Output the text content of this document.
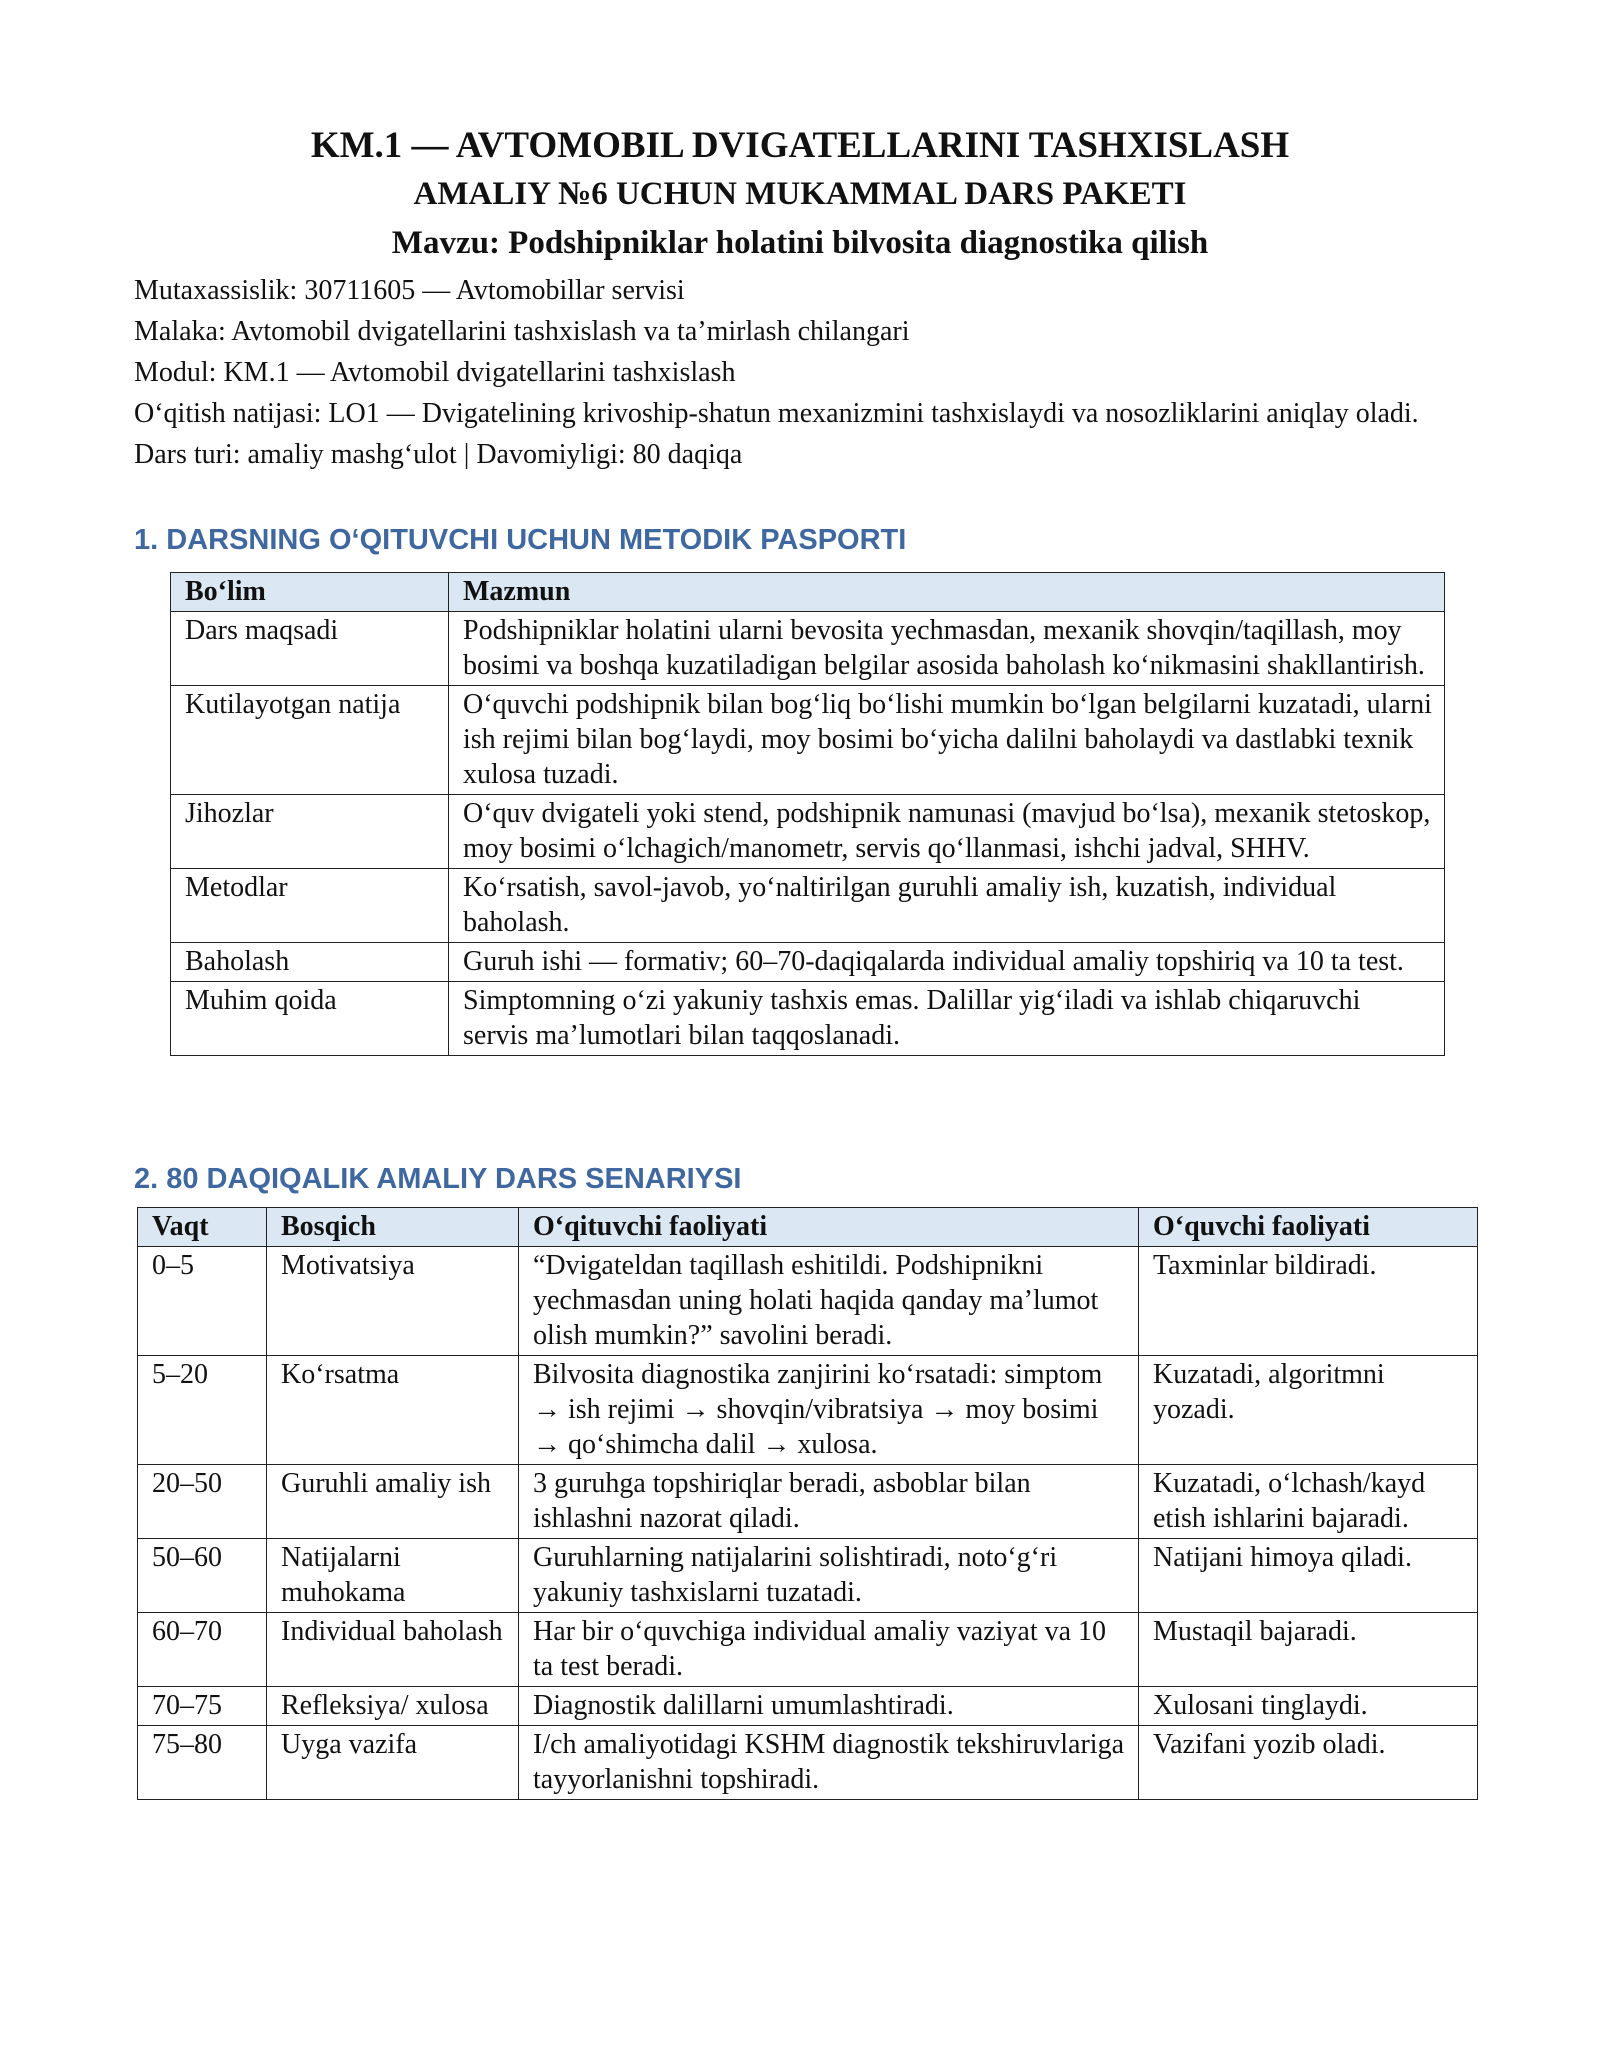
KM.1 — AVTOMOBIL DVIGATELLARINI TASHXISLASH
AMALIY №6 UCHUN MUKAMMAL DARS PAKETI
Mavzu: Podshipniklar holatini bilvosita diagnostika qilish
Mutaxassislik: 30711605 — Avtomobillar servisi
Malaka: Avtomobil dvigatellarini tashxislash va ta’mirlash chilangari
Modul: KM.1 — Avtomobil dvigatellarini tashxislash
O‘qitish natijasi: LO1 — Dvigatelining krivoship-shatun mexanizmini tashxislaydi va nosozliklarini aniqlay oladi.
Dars turi: amaliy mashg‘ulot | Davomiyligi: 80 daqiqa
1. DARSNING O‘QITUVCHI UCHUN METODIK PASPORTI
Bo‘lim	Mazmun
Dars maqsadi	Podshipniklar holatini ularni bevosita yechmasdan, mexanik shovqin/taqillash, moy bosimi va boshqa kuzatiladigan belgilar asosida baholash ko‘nikmasini shakllantirish.
Kutilayotgan natija	O‘quvchi podshipnik bilan bog‘liq bo‘lishi mumkin bo‘lgan belgilarni kuzatadi, ularni ish rejimi bilan bog‘laydi, moy bosimi bo‘yicha dalilni baholaydi va dastlabki texnik xulosa tuzadi.
Jihozlar	O‘quv dvigateli yoki stend, podshipnik namunasi (mavjud bo‘lsa), mexanik stetoskop, moy bosimi o‘lchagich/manometr, servis qo‘llanmasi, ishchi jadval, SHHV.
Metodlar	Ko‘rsatish, savol-javob, yo‘naltirilgan guruhli amaliy ish, kuzatish, individual baholash.
Baholash	Guruh ishi — formativ; 60–70-daqiqalarda individual amaliy topshiriq va 10 ta test.
Muhim qoida	Simptomning o‘zi yakuniy tashxis emas. Dalillar yig‘iladi va ishlab chiqaruvchi servis ma’lumotlari bilan taqqoslanadi.
2. 80 DAQIQALIK AMALIY DARS SENARIYSI
Vaqt	Bosqich	O‘qituvchi faoliyati	O‘quvchi faoliyati
0–5	Motivatsiya	“Dvigateldan taqillash eshitildi. Podshipnikni yechmasdan uning holati haqida qanday ma’lumot olish mumkin?” savolini beradi.	Taxminlar bildiradi.
5–20	Ko‘rsatma	Bilvosita diagnostika zanjirini ko‘rsatadi: simptom → ish rejimi → shovqin/vibratsiya → moy bosimi → qo‘shimcha dalil → xulosa.	Kuzatadi, algoritmni yozadi.
20–50	Guruhli amaliy ish	3 guruhga topshiriqlar beradi, asboblar bilan ishlashni nazorat qiladi.	Kuzatadi, o‘lchash/kayd etish ishlarini bajaradi.
50–60	Natijalarni muhokama	Guruhlarning natijalarini solishtiradi, noto‘g‘ri yakuniy tashxislarni tuzatadi.	Natijani himoya qiladi.
60–70	Individual baholash	Har bir o‘quvchiga individual amaliy vaziyat va 10 ta test beradi.	Mustaqil bajaradi.
70–75	Refleksiya/ xulosa	Diagnostik dalillarni umumlashtiradi.	Xulosani tinglaydi.
75–80	Uyga vazifa	I/ch amaliyotidagi KSHM diagnostik tekshiruvlariga tayyorlanishni topshiradi.	Vazifani yozib oladi.
